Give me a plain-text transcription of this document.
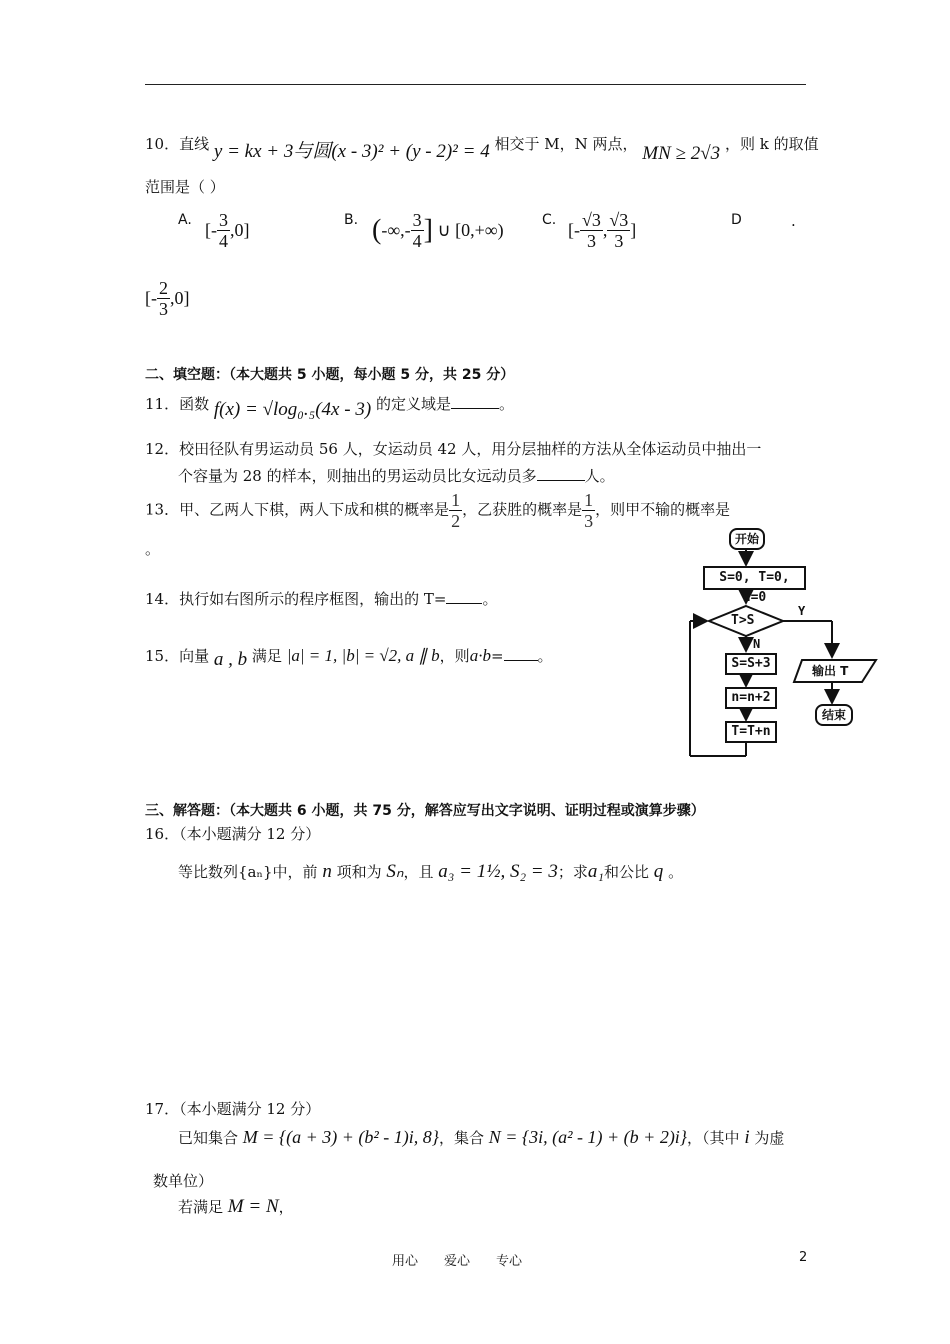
10．直线 y = kx + 3与圆(x - 3)² + (y - 2)² = 4 相交于 M，N 两点， MN ≥ 2√3 ，则 k 的取值
范围是（ ）
A. [- $\frac{3}{4} ,0$]	B. (-∞,- $\frac{3}{4}$ ] ∪ [0,+∞)	C. [- $\frac{√3}{3}$ , $\frac{√3}{3}$ ]	D	.
[- $\frac{2}{3} ,0$]
二、填空题：（本大题共 5 小题，每小题 5 分，共 25 分）
11．函数 f(x) = √log₀.₅(4x - 3) 的定义域是	。
12．校田径队有男运动员 56 人，女运动员 42 人，用分层抽样的方法从全体运动员中抽出一
个容量为 28 的样本，则抽出的男运动员比女远动员多	人。
13．甲、乙两人下棋，两人下成和棋的概率是 $\frac{1}{2}$ ，乙获胜的概率是 $\frac{1}{3}$ ，则甲不输的概率是
。
14．执行如右图所示的程序框图，输出的 T= 。
15．向量 a , b 满足 |a| = 1, |b| = √2, a ∥ b，则a·b= 。
开始
S=0, T=0, n=0
T>S
Y
N
S=S+3
n=n+2
T=T+n
输出 T
结束
三、解答题：（本大题共 6 小题，共 75 分，解答应写出文字说明、证明过程或演算步骤）
16．（本小题满分 12 分）
等比数列{aₙ}中，前 n 项和为 Sₙ，且 a₃ = 1½, S₂ = 3；求a₁和公比 q 。
17．（本小题满分 12 分）
已知集合 M = {(a + 3) + (b² - 1)i, 8}，集合 N = {3i, (a² - 1) + (b + 2)i}，（其中 i 为虚
数单位）
若满足 M = N，
用心　　爱心　　专心	2
